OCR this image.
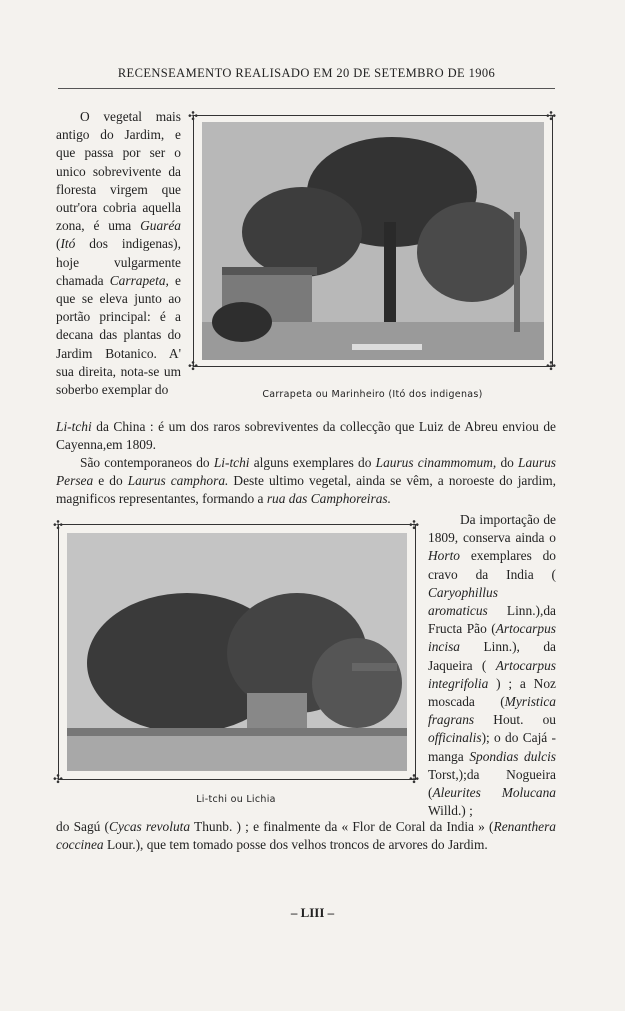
RECENSEAMENTO REALISADO EM 20 DE SETEMBRO DE 1906

O vegetal mais antigo do Jardim, e que passa por ser o unico sobrevivente da floresta virgem que outr'ora cobria aquella zona, é uma Guaréa (Itó dos indigenas), hoje vulgarmente chamada Carrapeta, e que se eleva junto ao portão principal: é a decana das plantas do Jardim Botanico. A' sua direita, nota-se um soberbo exemplar do

✣	✣
✣	✣
Carrapeta ou Marinheiro (Itó dos indigenas)

Li-tchi da China : é um dos raros sobreviventes da collecção que Luiz de Abreu enviou de Cayenna,em 1809.

São contemporaneos do Li-tchi alguns exemplares do Laurus cinammomum, do Laurus Persea e do Laurus camphora. Deste ultimo vegetal, ainda se vêm, a noroeste do jardim, magnificos representantes, formando a rua das Camphoreiras.

✣	✣
✣	✣
Li-tchi ou Lichia

Da importação de 1809, conserva ainda o Horto exemplares do cravo da India ( Caryophillus aromaticus Linn.),da Fructa Pão (Artocarpus incisa Linn.), da Jaqueira ( Artocarpus integrifolia ) ; a Noz moscada (Myristica fragrans Hout. ou officinalis); o do Cajá - manga Spondias dulcis Torst,);da Nogueira (Aleurites Molucana Willd.) ;

do Sagú (Cycas revoluta Thunb. ) ; e finalmente da « Flor de Coral da India » (Renanthera coccinea Lour.), que tem tomado posse dos velhos troncos de arvores do Jardim.

– LIII –
